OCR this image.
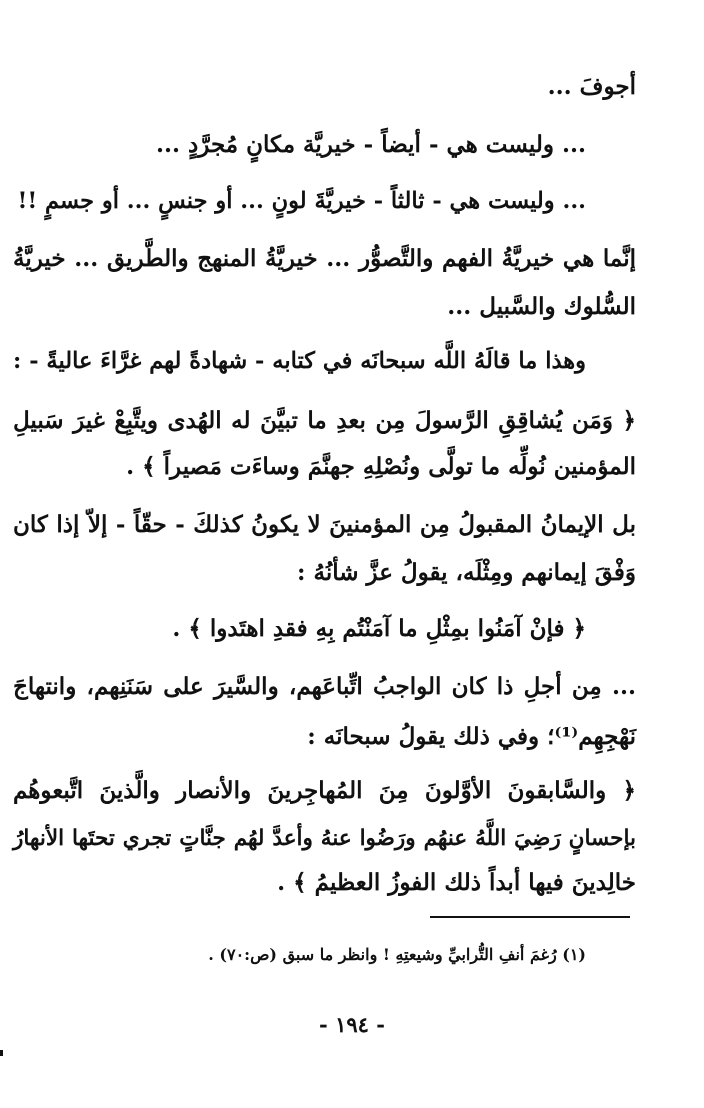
أجوفَ ...
... وليست هي - أيضاً - خيريَّة مكانٍ مُجرَّدٍ ...
... وليست هي - ثالثاً - خيريَّةَ لونٍ ... أو جنسٍ ... أو جسمٍ !!
إنَّما هي خيريَّةُ الفهم والتَّصوُّر ... خيريَّةُ المنهج والطَّريق ... خيريَّةُ
السُّلوك والسَّبيل ...
وهذا ما قالَهُ اللَّه سبحانَه في كتابه - شهادةً لهم غرَّاءَ عاليةً - :
﴿ وَمَن يُشاقِقِ الرَّسولَ مِن بعدِ ما تبيَّنَ له الهُدى ويتَّبِعْ غيرَ سَبيلِ
المؤمنين نُولِّه ما تولَّى ونُصْلِهِ جهنَّمَ وساءَت مَصيراً ﴾ .
بل الإيمانُ المقبولُ مِن المؤمنينَ لا يكونُ كذلكَ - حقّاً - إلاّ إذا كان
وَفْقَ إيمانهم ومِثْلَه، يقولُ عزَّ شأنُهُ :
﴿ فإنْ آمَنُوا بمِثْلِ ما آمَنْتُم بِهِ فقدِ اهتَدوا ﴾ .
... مِن أجلِ ذا كان الواجبُ اتِّباعَهم، والسَّيرَ على سَنَنِهم، وانتهاجَ
نَهْجِهِم⁽¹⁾؛ وفي ذلك يقولُ سبحانَه :
﴿ والسَّابقونَ الأوَّلونَ مِنَ المُهاجِرينَ والأنصار والَّذينَ اتَّبعوهُم
بإحسانٍ رَضِيَ اللَّهُ عنهُم ورَضُوا عنهُ وأعدَّ لهُم جنَّاتٍ تجري تحتَها الأنهارُ
خالِدينَ فيها أبداً ذلك الفوزُ العظيمُ ﴾ .
(١) رُغمَ أنفِ التُّرابيِّ وشيعتِهِ ! وانظر ما سبق (ص:٧٠) .
- ١٩٤ -
